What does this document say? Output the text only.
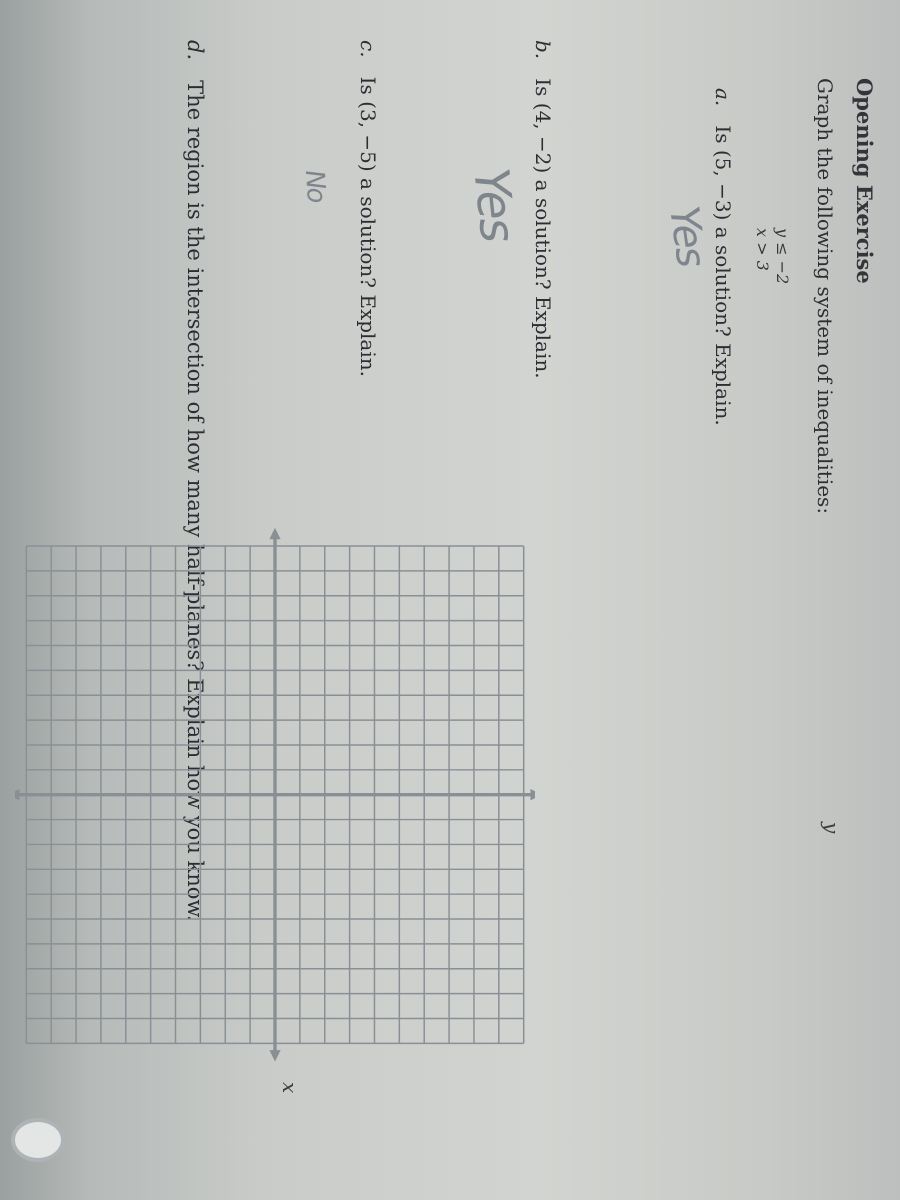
Opening Exercise
Graph the following system of inequalities:
y ≤ −2
x > 3
a.   Is (5, −3) a solution? Explain.
Yes
b.   Is (4, −2) a solution? Explain.
Yes
c.   Is (3, −5) a solution? Explain.
No
d.   The region is the intersection of how many half-planes? Explain how you know.	y
x
